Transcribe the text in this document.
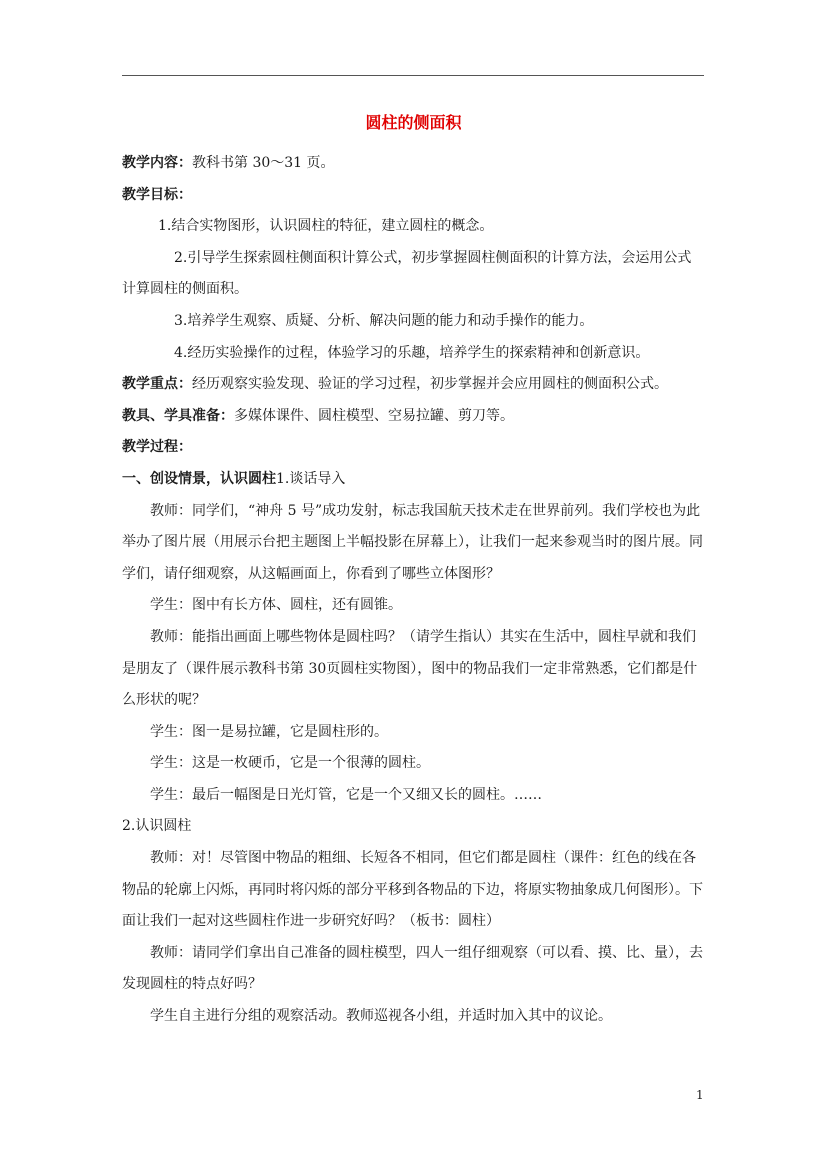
圆柱的侧面积

教学内容：教科书第 30～31 页。

教学目标：

1.结合实物图形，认识圆柱的特征，建立圆柱的概念。

2.引导学生探索圆柱侧面积计算公式，初步掌握圆柱侧面积的计算方法，会运用公式计算圆柱的侧面积。

3.培养学生观察、质疑、分析、解决问题的能力和动手操作的能力。

4.经历实验操作的过程，体验学习的乐趣，培养学生的探索精神和创新意识。

教学重点：经历观察实验发现、验证的学习过程，初步掌握并会应用圆柱的侧面积公式。

教具、学具准备：多媒体课件、圆柱模型、空易拉罐、剪刀等。

教学过程：

一、创设情景，认识圆柱1.谈话导入

教师：同学们，“神舟 5 号”成功发射，标志我国航天技术走在世界前列。我们学校也为此举办了图片展（用展示台把主题图上半幅投影在屏幕上），让我们一起来参观当时的图片展。同学们，请仔细观察，从这幅画面上，你看到了哪些立体图形？

学生：图中有长方体、圆柱，还有圆锥。

教师：能指出画面上哪些物体是圆柱吗？（请学生指认）其实在生活中，圆柱早就和我们是朋友了（课件展示教科书第 30页圆柱实物图），图中的物品我们一定非常熟悉，它们都是什么形状的呢？

学生：图一是易拉罐，它是圆柱形的。

学生：这是一枚硬币，它是一个很薄的圆柱。

学生：最后一幅图是日光灯管，它是一个又细又长的圆柱。……

2.认识圆柱

教师：对！尽管图中物品的粗细、长短各不相同，但它们都是圆柱（课件：红色的线在各物品的轮廓上闪烁，再同时将闪烁的部分平移到各物品的下边，将原实物抽象成几何图形）。下面让我们一起对这些圆柱作进一步研究好吗？（板书：圆柱）

教师：请同学们拿出自己准备的圆柱模型，四人一组仔细观察（可以看、摸、比、量），去发现圆柱的特点好吗？

学生自主进行分组的观察活动。教师巡视各小组，并适时加入其中的议论。

1
